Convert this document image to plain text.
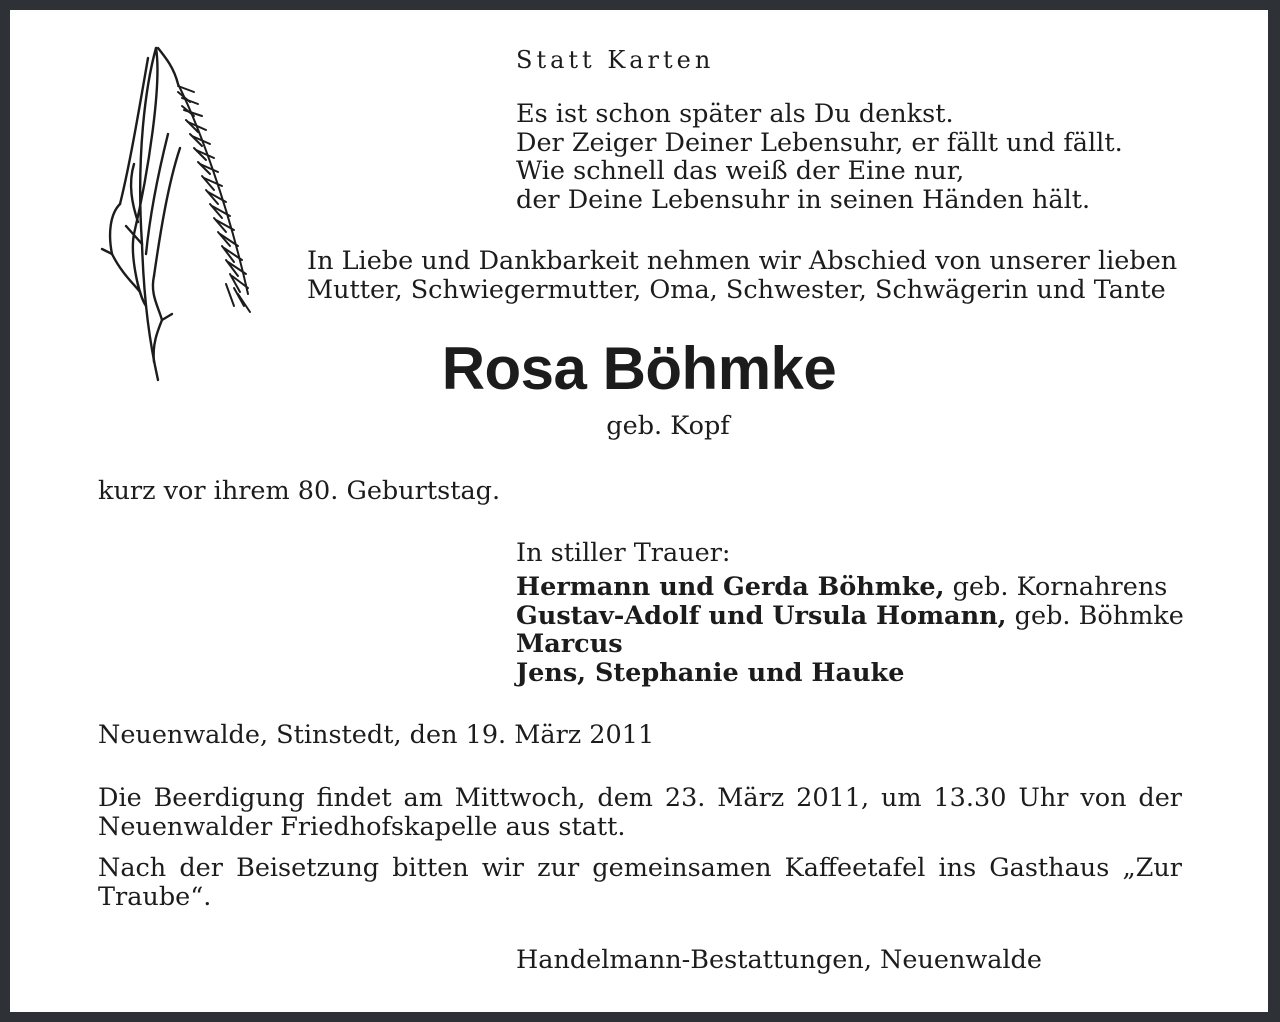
Statt Karten

Es ist schon später als Du denkst.
Der Zeiger Deiner Lebensuhr, er fällt und fällt.
Wie schnell das weiß der Eine nur,
der Deine Lebensuhr in seinen Händen hält.
In Liebe und Dankbarkeit nehmen wir Abschied von unserer lieben
Mutter, Schwiegermutter, Oma, Schwester, Schwägerin und Tante

Rosa Böhmke

geb. Kopf

kurz vor ihrem 80. Geburtstag.

In stiller Trauer:

Hermann und Gerda Böhmke, geb. Kornahrens
Gustav-Adolf und Ursula Homann, geb. Böhmke
Marcus
Jens, Stephanie und Hauke

Neuenwalde, Stinstedt, den 19. März 2011

Die Beerdigung findet am Mittwoch, dem 23. März 2011, um 13.30 Uhr von der Neuenwalder Friedhofskapelle aus statt.

Nach der Beisetzung bitten wir zur gemeinsamen Kaffeetafel ins Gasthaus „Zur Traube“.

Handelmann-Bestattungen, Neuenwalde
